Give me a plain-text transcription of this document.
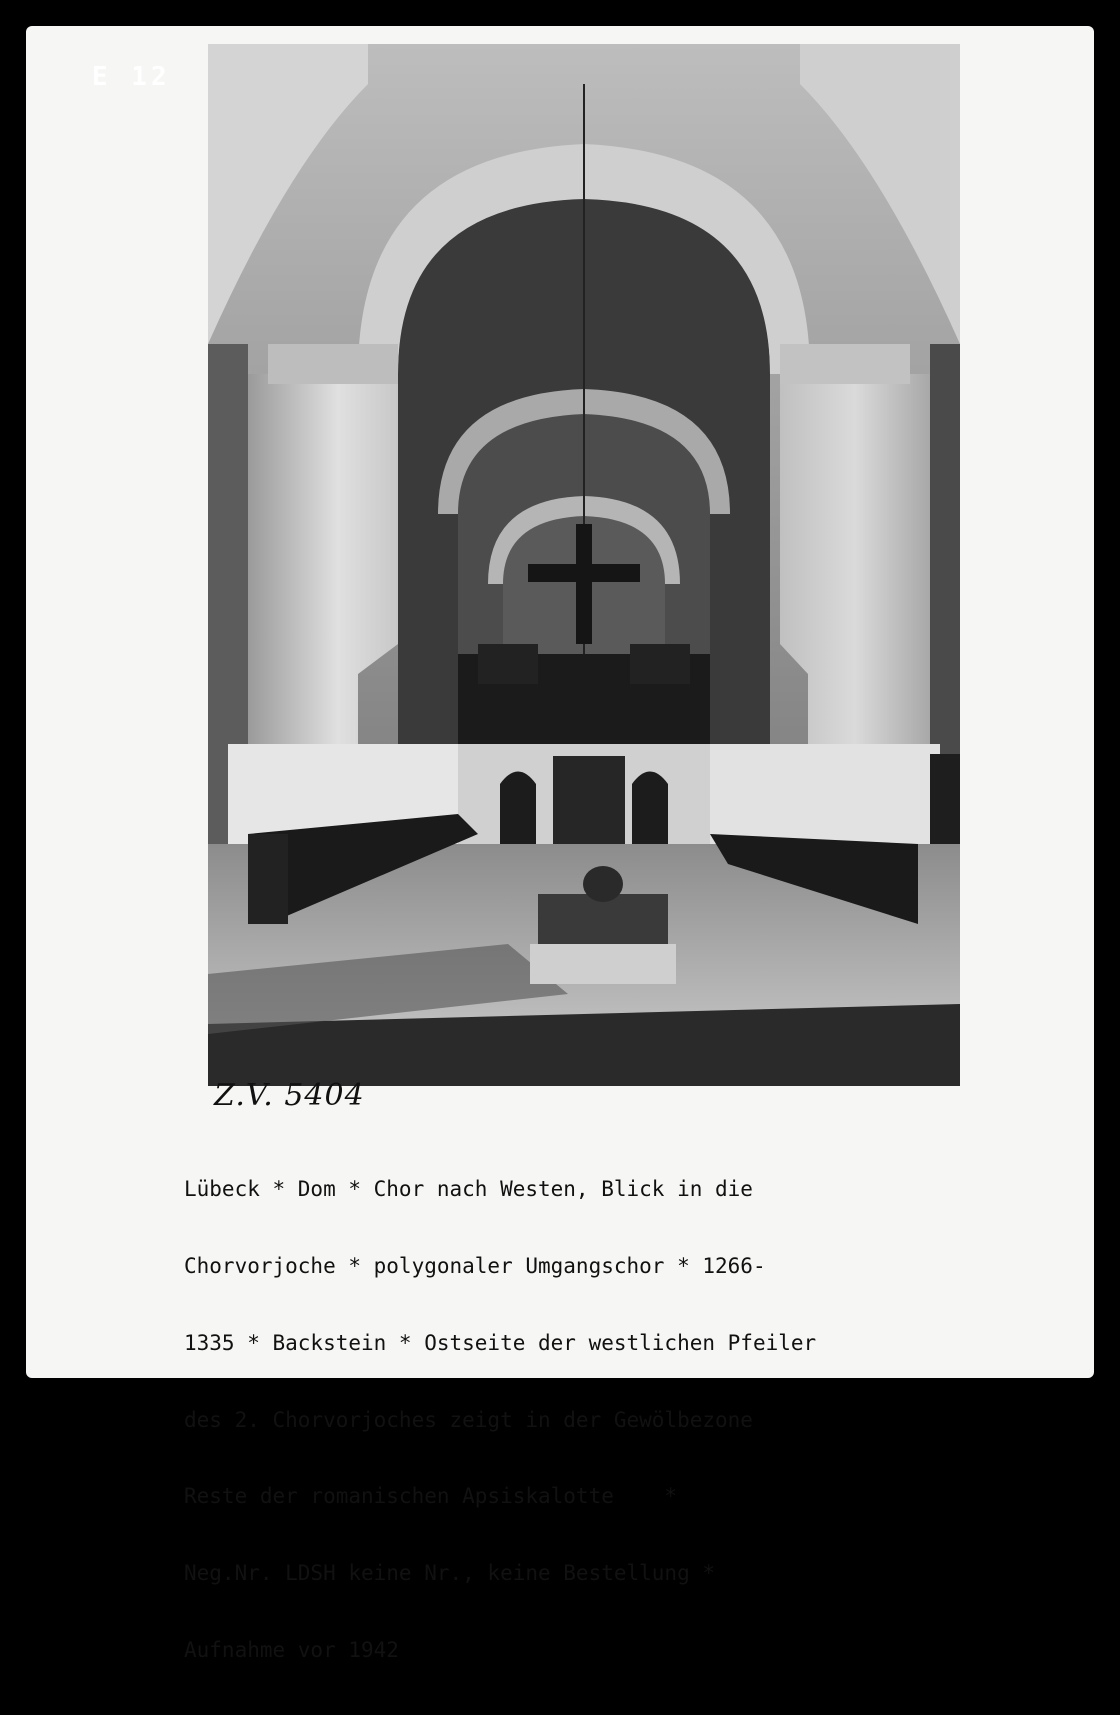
E 12
Z.V. 5404

Lübeck * Dom * Chor nach Westen, Blick in die

Chorvorjoche * polygonaler Umgangschor * 1266-

1335 * Backstein * Ostseite der westlichen Pfeiler

des 2. Chorvorjoches zeigt in der Gewölbezone

Reste der romanischen Apsiskalotte    *

Neg.Nr. LDSH keine Nr., keine Bestellung *

Aufnahme vor 1942
